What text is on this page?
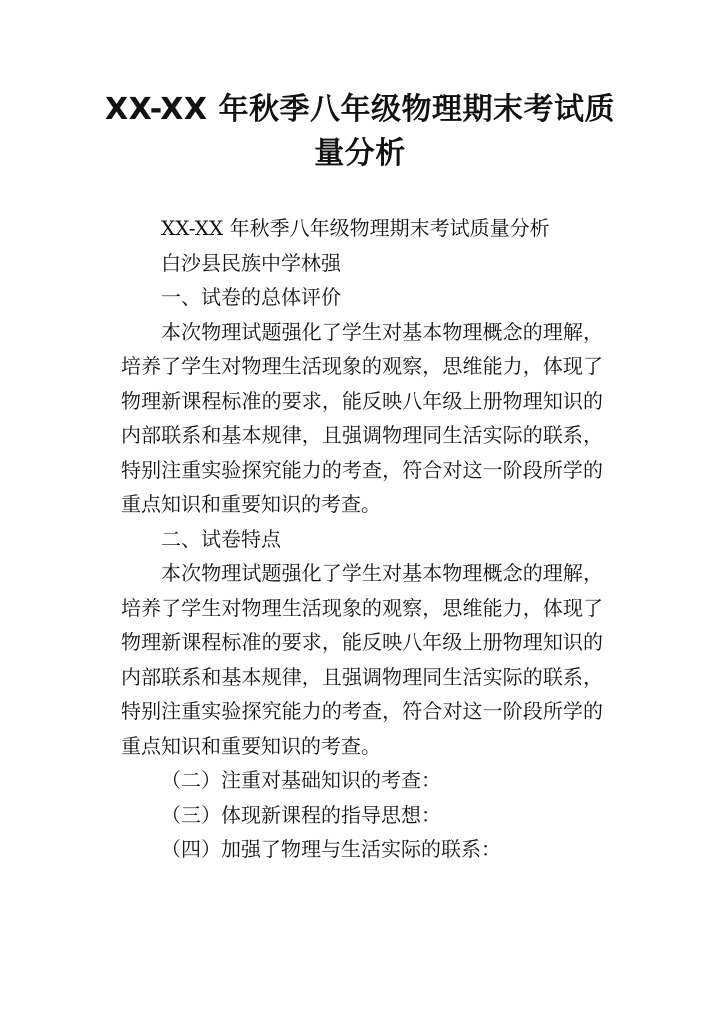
XX-XX 年秋季八年级物理期末考试质
量分析

XX-XX 年秋季八年级物理期末考试质量分析

白沙县民族中学林强

一、试卷的总体评价

本次物理试题强化了学生对基本物理概念的理解，培养了学生对物理生活现象的观察，思维能力，体现了物理新课程标准的要求，能反映八年级上册物理知识的内部联系和基本规律，且强调物理同生活实际的联系，特别注重实验探究能力的考查，符合对这一阶段所学的重点知识和重要知识的考查。

二、试卷特点

本次物理试题强化了学生对基本物理概念的理解，培养了学生对物理生活现象的观察，思维能力，体现了物理新课程标准的要求，能反映八年级上册物理知识的内部联系和基本规律，且强调物理同生活实际的联系，特别注重实验探究能力的考查，符合对这一阶段所学的重点知识和重要知识的考查。

（二）注重对基础知识的考查：

（三）体现新课程的指导思想：

（四）加强了物理与生活实际的联系：
